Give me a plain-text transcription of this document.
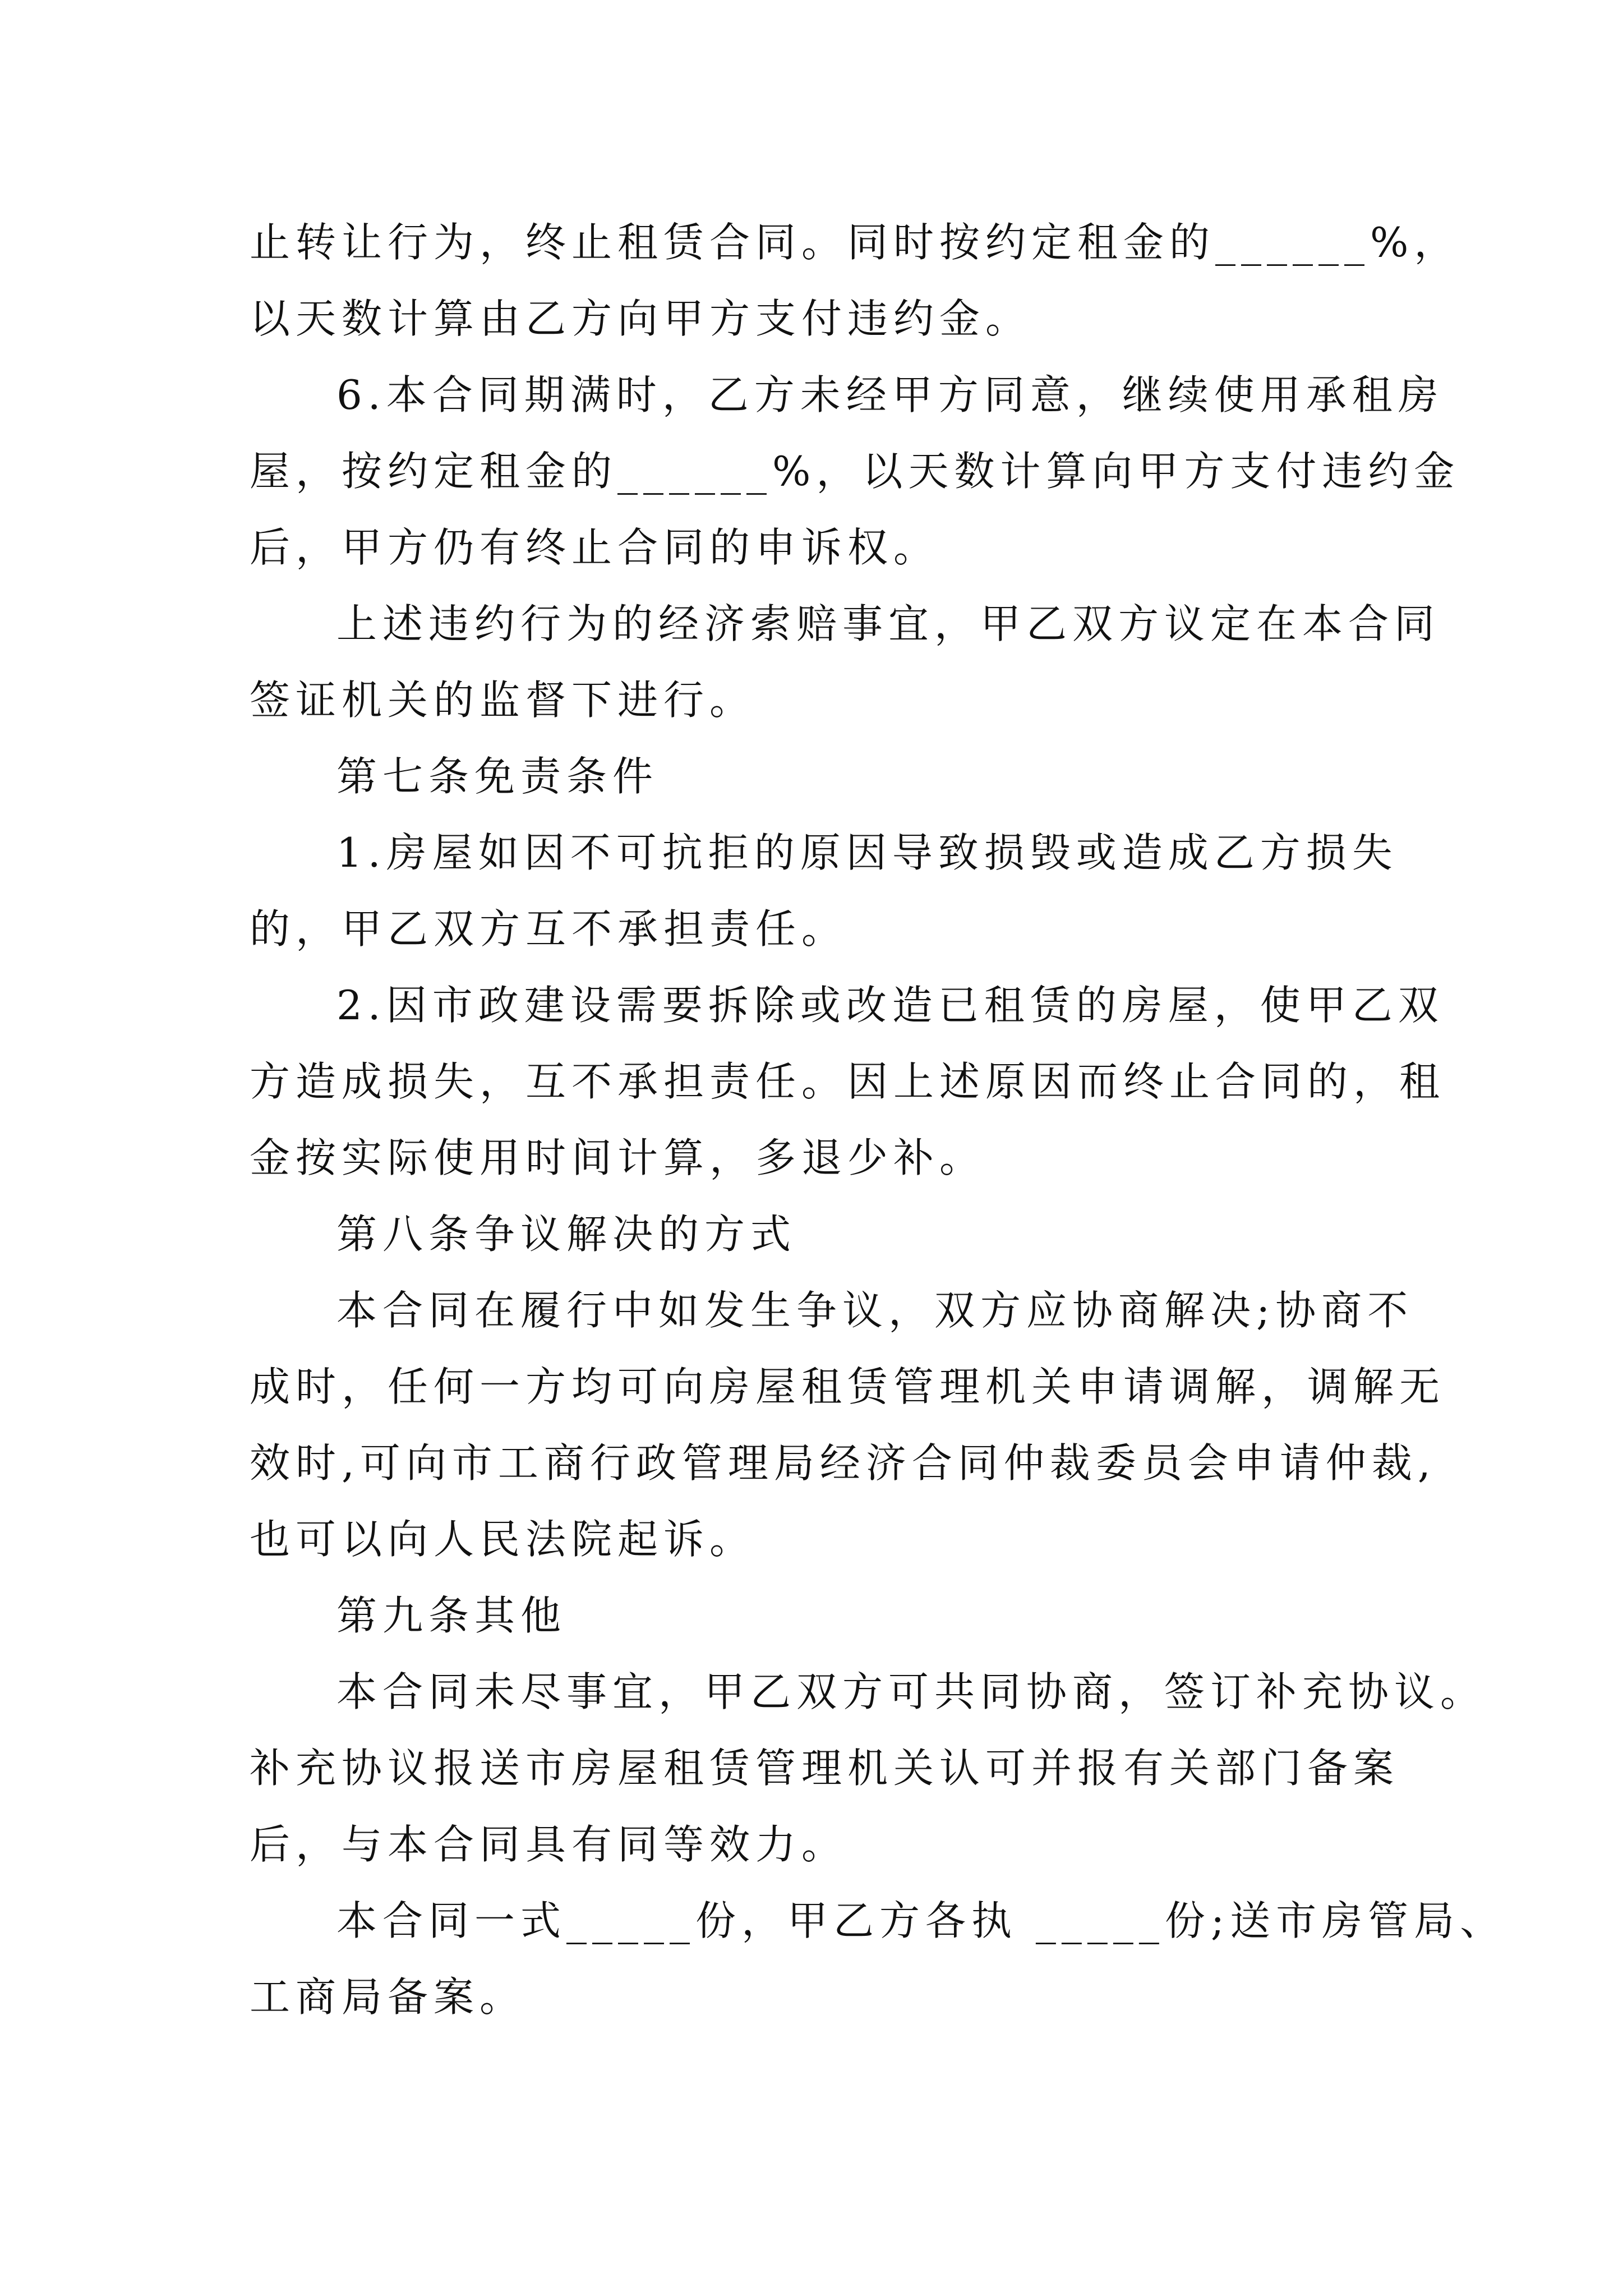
止转让行为，终止租赁合同。同时按约定租金的______%，
以天数计算由乙方向甲方支付违约金。
6.本合同期满时，乙方未经甲方同意，继续使用承租房
屋，按约定租金的______%，以天数计算向甲方支付违约金
后，甲方仍有终止合同的申诉权。
上述违约行为的经济索赔事宜，甲乙双方议定在本合同
签证机关的监督下进行。
第七条免责条件
1.房屋如因不可抗拒的原因导致损毁或造成乙方损失
的，甲乙双方互不承担责任。
2.因市政建设需要拆除或改造已租赁的房屋，使甲乙双
方造成损失，互不承担责任。因上述原因而终止合同的，租
金按实际使用时间计算，多退少补。
第八条争议解决的方式
本合同在履行中如发生争议，双方应协商解决;协商不
成时，任何一方均可向房屋租赁管理机关申请调解，调解无
效时,可向市工商行政管理局经济合同仲裁委员会申请仲裁,
也可以向人民法院起诉。
第九条其他
本合同未尽事宜，甲乙双方可共同协商，签订补充协议。
补充协议报送市房屋租赁管理机关认可并报有关部门备案
后，与本合同具有同等效力。
本合同一式_____份，甲乙方各执 _____份;送市房管局、
工商局备案。
